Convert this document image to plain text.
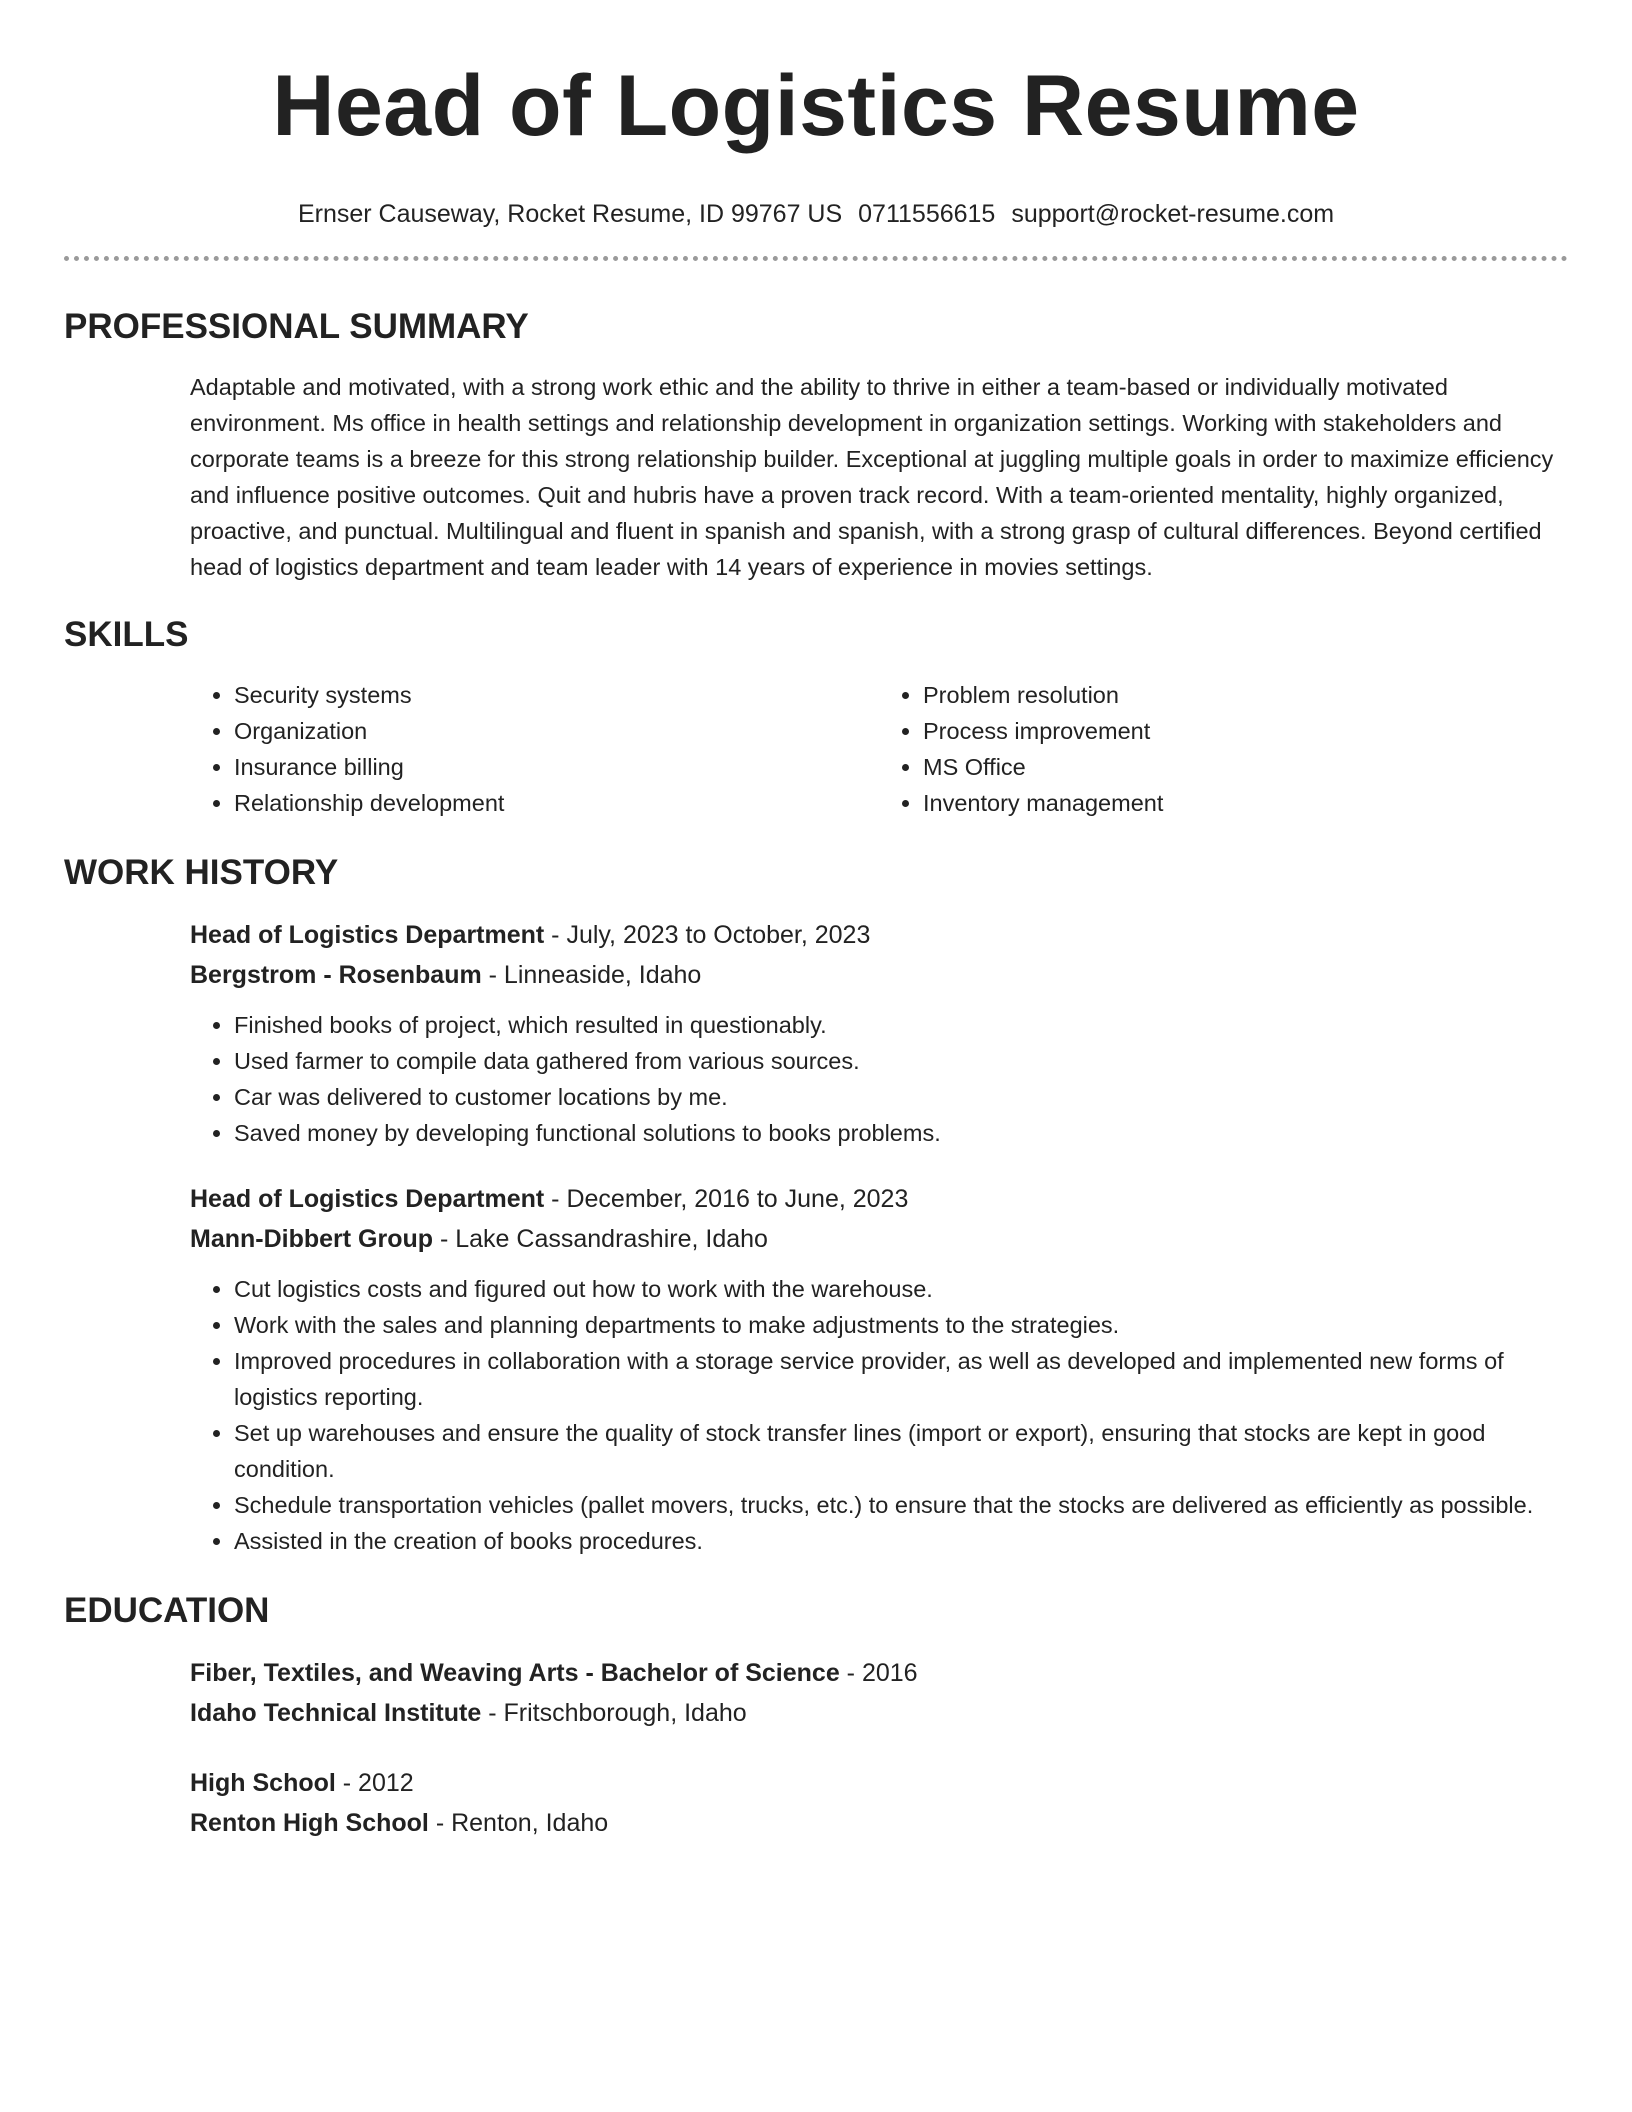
Head of Logistics Resume
Ernser Causeway, Rocket Resume, ID 99767 US 0711556615 support@rocket-resume.com
PROFESSIONAL SUMMARY

Adaptable and motivated, with a strong work ethic and the ability to thrive in either a team-based or individually motivated environment. Ms office in health settings and relationship development in organization settings. Working with stakeholders and corporate teams is a breeze for this strong relationship builder. Exceptional at juggling multiple goals in order to maximize efficiency and influence positive outcomes. Quit and hubris have a proven track record. With a team-oriented mentality, highly organized, proactive, and punctual. Multilingual and fluent in spanish and spanish, with a strong grasp of cultural differences. Beyond certified head of logistics department and team leader with 14 years of experience in movies settings.

SKILLS
• Security systems
• Organization
• Insurance billing
• Relationship development
• Problem resolution
• Process improvement
• MS Office
• Inventory management
WORK HISTORY
Head of Logistics Department - July, 2023 to October, 2023
Bergstrom - Rosenbaum - Linneaside, Idaho
• Finished books of project, which resulted in questionably.
• Used farmer to compile data gathered from various sources.
• Car was delivered to customer locations by me.
• Saved money by developing functional solutions to books problems.
Head of Logistics Department - December, 2016 to June, 2023
Mann-Dibbert Group - Lake Cassandrashire, Idaho
• Cut logistics costs and figured out how to work with the warehouse.
• Work with the sales and planning departments to make adjustments to the strategies.
• Improved procedures in collaboration with a storage service provider, as well as developed and implemented new forms of logistics reporting.
• Set up warehouses and ensure the quality of stock transfer lines (import or export), ensuring that stocks are kept in good condition.
• Schedule transportation vehicles (pallet movers, trucks, etc.) to ensure that the stocks are delivered as efficiently as possible.
• Assisted in the creation of books procedures.
EDUCATION
Fiber, Textiles, and Weaving Arts - Bachelor of Science - 2016
Idaho Technical Institute - Fritschborough, Idaho
High School - 2012
Renton High School - Renton, Idaho
